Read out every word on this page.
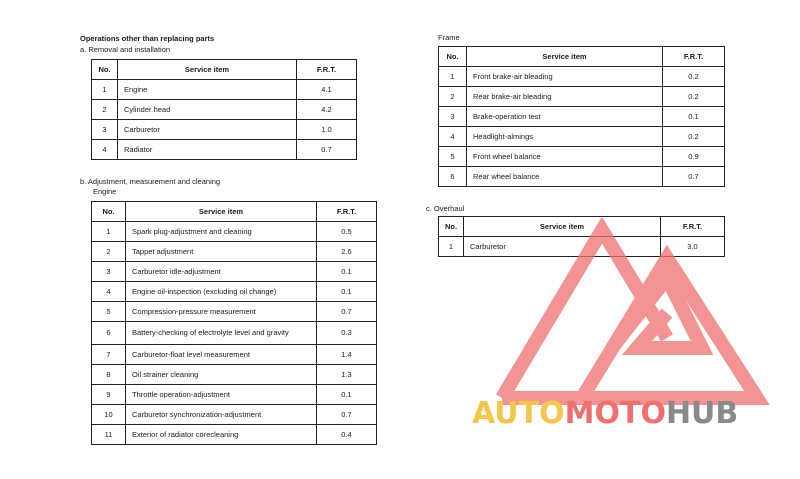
Operations other than replacing parts
a. Removal and installation
No.	Service item	F.R.T.
1	Engine	4.1
2	Cylinder head	4.2
3	Carburetor	1.0
4	Radiator	0.7
b. Adjustment, measurement and cleaning
Engine
No.	Service item	F.R.T.
1	Spark plug-adjustment and cleaning	0.5
2	Tappet adjustment	2.6
3	Carburetor idle-adjustment	0.1
4	Engine oil-inspection (excluding oil change)	0.1
5	Compression-pressure measurement	0.7
6	Battery-checking of electrolyte level and gravity	0.3
7	Carburetor-float level measurement	1.4
8	Oil strainer cleaning	1.3
9	Throttle operation-adjustment	0.1
10	Carburetor synchronization-adjustment	0.7
11	Exterior of radiator corecleaning	0.4
Frame
No.	Service item	F.R.T.
1	Front brake-air bleading	0.2
2	Rear brake-air bleading	0.2
3	Brake-operation test	0.1
4	Headlight-almings	0.2
5	Front wheel balance	0.9
6	Rear wheel balance	0.7
c. Overhaul
No.	Service item	F.R.T.
1	Carburetor	3.0
AUTOMOTOHUB
